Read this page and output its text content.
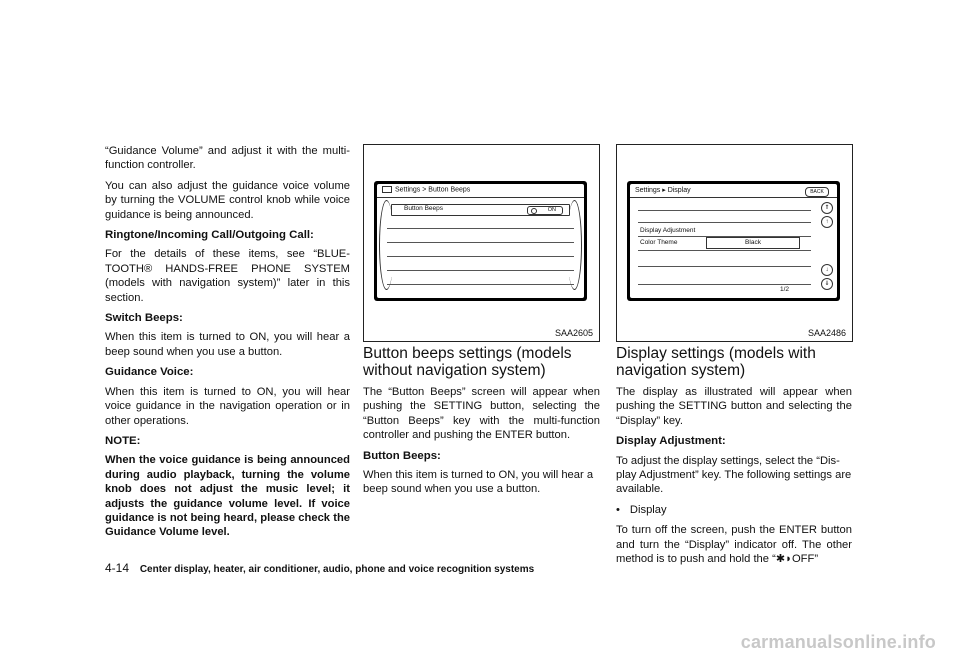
“Guidance Volume” and adjust it with the multi-function controller.

You can also adjust the guidance voice volume by turning the VOLUME control knob while voice guidance is being announced.

Ringtone/Incoming Call/Outgoing Call:

For the details of these items, see “BLUE-TOOTH® HANDS-FREE PHONE SYSTEM (models with navigation system)” later in this section.

Switch Beeps:

When this item is turned to ON, you will hear a beep sound when you use a button.

Guidance Voice:

When this item is turned to ON, you will hear voice guidance in the navigation operation or in other operations.

NOTE:

When the voice guidance is being announced during audio playback, turning the volume knob does not adjust the music level; it adjusts the guidance volume level. If voice guidance is not being heard, please check the Guidance Volume level.

Settings > Button Beeps
Button Beeps	ON
SAA2605
Settings ▸ Display	BACK
Display Adjustment
Color Theme	Black
1/2
⇑
↑
↓
⇓
SAA2486
Button beeps settings (models without navigation system)

The “Button Beeps” screen will appear when pushing the SETTING button, selecting the “Button Beeps” key with the multi-function controller and pushing the ENTER button.

Button Beeps:

When this item is turned to ON, you will hear a beep sound when you use a button.

Display settings (models with navigation system)

The display as illustrated will appear when pushing the SETTING button and selecting the “Display” key.

Display Adjustment:

To adjust the display settings, select the “Dis-play Adjustment” key. The following settings are available.

• Display

To turn off the screen, push the ENTER button and turn the “Display” indicator off. The other method is to push and hold the “✱◗OFF”

4-14 Center display, heater, air conditioner, audio, phone and voice recognition systems
carmanualsonline.info
